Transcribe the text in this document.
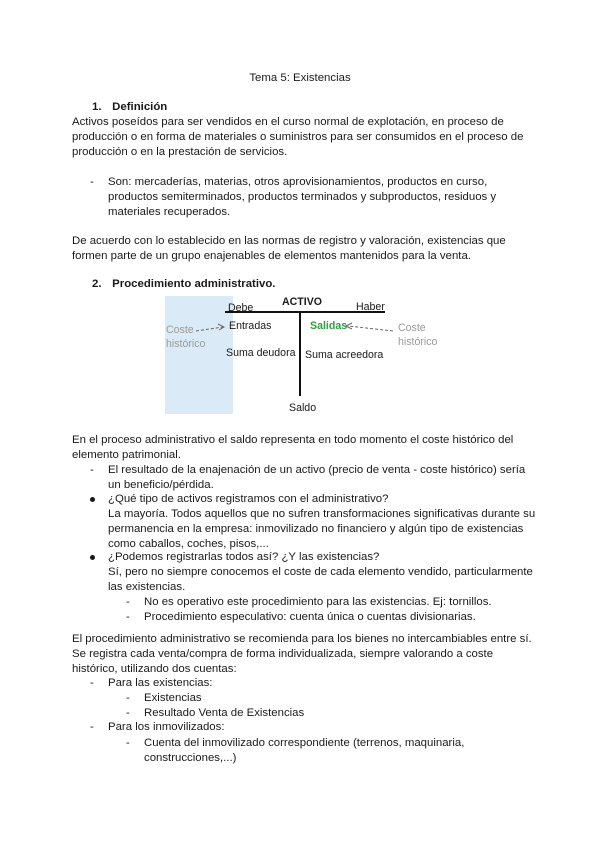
Tema 5: Existencias
1. Definición
Activos poseídos para ser vendidos en el curso normal de explotación, en proceso de
producción o en forma de materiales o suministros para ser consumidos en el proceso de
producción o en la prestación de servicios.
- Son: mercaderías, materias, otros aprovisionamientos, productos en curso,
productos semiterminados, productos terminados y subproductos, residuos y
materiales recuperados.
De acuerdo con lo establecido en las normas de registro y valoración, existencias que
formen parte de un grupo enajenables de elementos mantenidos para la venta.
2. Procedimiento administrativo.
ACTIVO
Debe	Haber
Coste
histórico
Entradas	Salidas	Coste
histórico
Suma deudora Suma acreedora
Saldo
En el proceso administrativo el saldo representa en todo momento el coste histórico del
elemento patrimonial.
- El resultado de la enajenación de un activo (precio de venta - coste histórico) sería
un beneficio/pérdida.
¿Qué tipo de activos registramos con el administrativo?
La mayoría. Todos aquellos que no sufren transformaciones significativas durante su
permanencia en la empresa: inmovilizado no financiero y algún tipo de existencias
como caballos, coches, pisos,...
¿Podemos registrarlas todos así? ¿Y las existencias?
Sí, pero no siempre conocemos el coste de cada elemento vendido, particularmente
las existencias.
- No es operativo este procedimiento para las existencias. Ej: tornillos.
- Procedimiento especulativo: cuenta única o cuentas divisionarias.
El procedimiento administrativo se recomienda para los bienes no intercambiables entre sí.
Se registra cada venta/compra de forma individualizada, siempre valorando a coste
histórico, utilizando dos cuentas:
- Para las existencias:
- Existencias
- Resultado Venta de Existencias
- Para los inmovilizados:
- Cuenta del inmovilizado correspondiente (terrenos, maquinaria,
construcciones,...)
